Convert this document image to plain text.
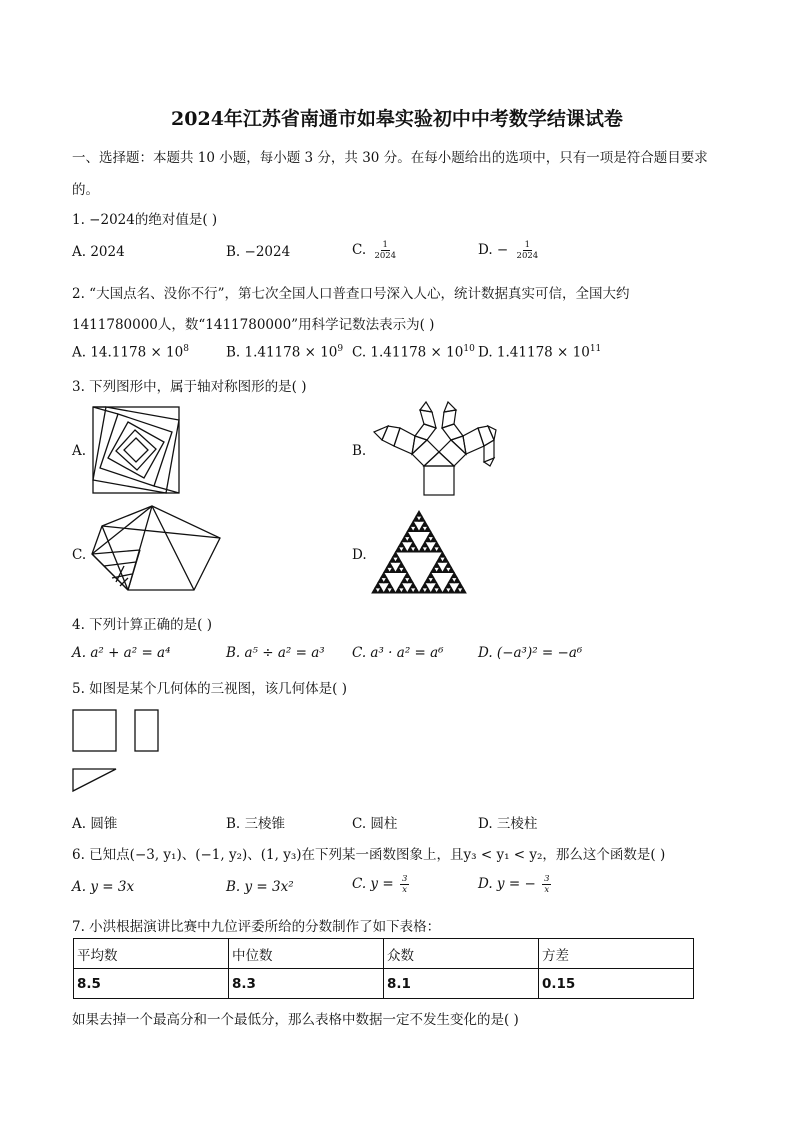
2024年江苏省南通市如皋实验初中中考数学结课试卷
一、选择题：本题共 10 小题，每小题 3 分，共 30 分。在每小题给出的选项中，只有一项是符合题目要求
的。
1. −2024的绝对值是( )
A. 2024	B. −2024	C. $\frac{1}{2024}$	D. − $\frac{1}{2024}$
2. “大国点名、没你不行”，第七次全国人口普查口号深入人心，统计数据真实可信，全国大约
1411780000人，数“1411780000”用科学记数法表示为( )
A. $14.1178 \times 10^8$	B. $1.41178 \times 10^9$ C. $1.41178 \times 10^{10}$ D. $1.41178 \times 10^{11}$
3. 下列图形中，属于轴对称图形的是( )
A.	B.
C.	D.
4. 下列计算正确的是( )
A. a² + a² = a⁴	B. a⁵ ÷ a² = a³ C. a³ · a² = a⁶	D. (−a³)² = −a⁶
5. 如图是某个几何体的三视图，该几何体是( )
A. 圆锥	B. 三棱锥	C. 圆柱	D. 三棱柱
6. 已知点(−3, y₁)、(−1, y₂)、(1, y₃)在下列某一函数图象上，且y₃ < y₁ < y₂，那么这个函数是( )
A. y = 3x	B. y = 3x²	C. $y = \frac{3}{x}$	D. y = − $\frac{3}{x}$
7. 小洪根据演讲比赛中九位评委所给的分数制作了如下表格：
平均数	中位数	众数	方差
8.5	8.3	8.1	0.15
如果去掉一个最高分和一个最低分，那么表格中数据一定不发生变化的是( )
